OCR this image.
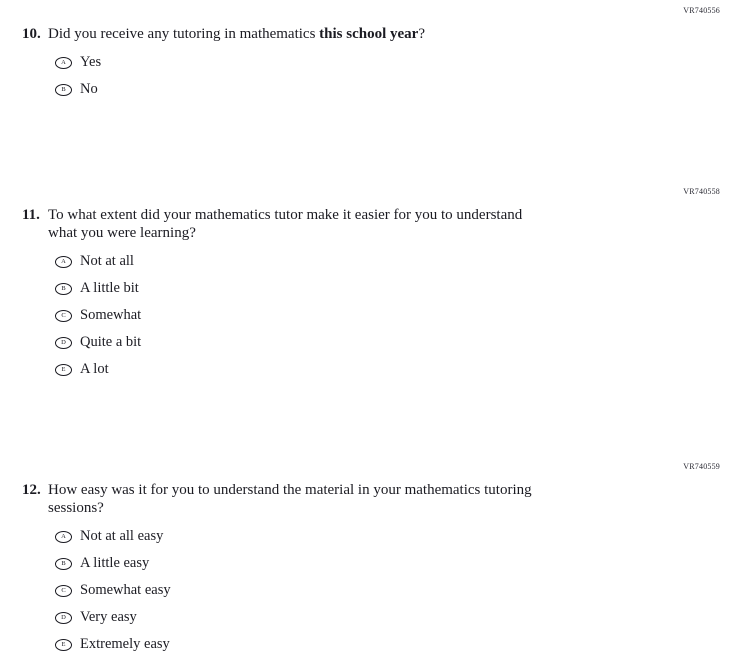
VR740556
10. Did you receive any tutoring in mathematics this school year?
A Yes
B No
VR740558
11. To what extent did your mathematics tutor make it easier for you to understand
what you were learning?
A Not at all
B A little bit
C Somewhat
D Quite a bit
E A lot
VR740559
12. How easy was it for you to understand the material in your mathematics tutoring
sessions?
A Not at all easy
B A little easy
C Somewhat easy
D Very easy
E Extremely easy
